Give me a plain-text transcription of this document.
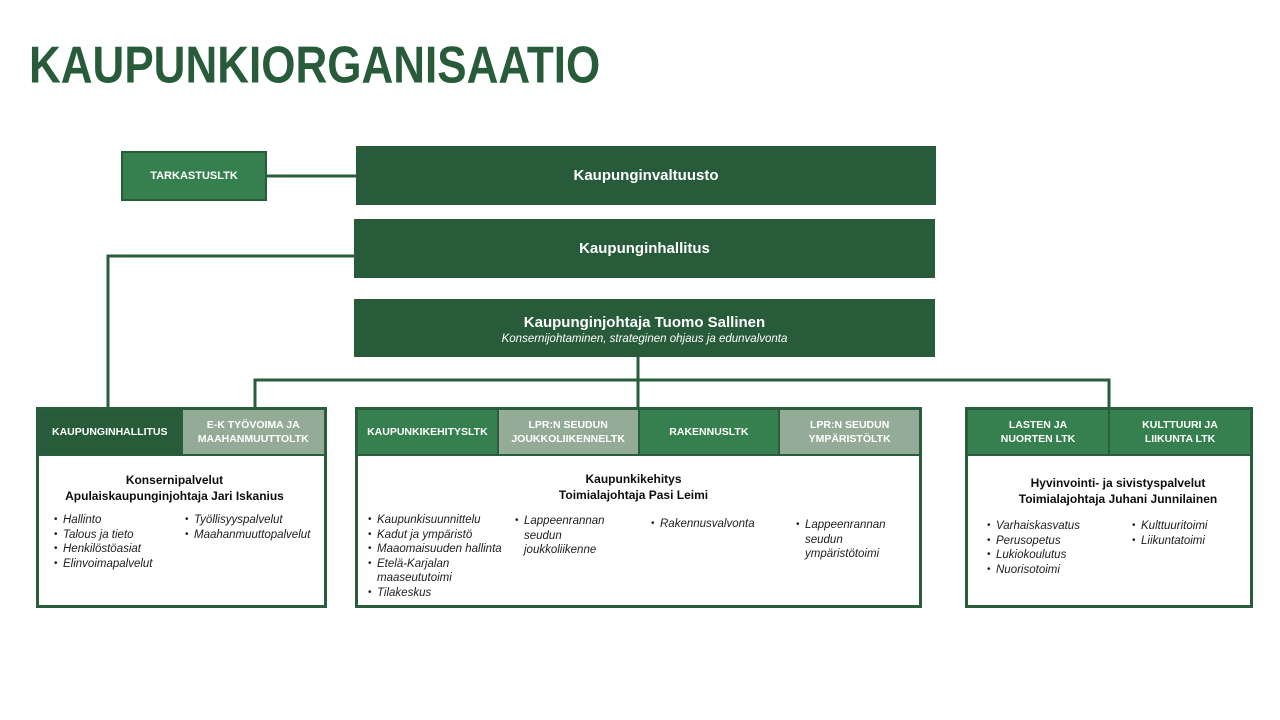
KAUPUNKIORGANISAATIO
TARKASTUSLTK	Kaupunginvaltuusto
Kaupunginhallitus
Kaupunginjohtaja Tuomo Sallinen
Konsernijohtaminen, strateginen ohjaus ja edunvalvonta
KAUPUNGINHALLITUS
E-K TYÖVOIMA JA MAAHANMUUTTOLTK
Konsernipalvelut
Apulaiskaupunginjohtaja Jari Iskanius
• Hallinto
• Talous ja tieto
• Henkilöstöasiat
• Elinvoimapalvelut
• Työllisyyspalvelut
• Maahanmuuttopalvelut
KAUPUNKIKEHITYSLTK
LPR:N SEUDUN JOUKKOLIIKENNELTK
RAKENNUSLTK
LPR:N SEUDUN YMPÄRISTÖLTK
Kaupunkikehitys
Toimialajohtaja Pasi Leimi
• Kaupunkisuunnittelu
• Kadut ja ympäristö
• Maaomaisuuden hallinta
• Etelä-Karjalan maaseututoimi
• Tilakeskus
• Lappeenrannan seudun joukkoliikenne
• Rakennusvalvonta
•	Lappeenrannan seudun ympäristötoimi
LASTEN JA NUORTEN LTK
KULTTUURI JA LIIKUNTA LTK
Hyvinvointi- ja sivistyspalvelut
Toimialajohtaja Juhani Junnilainen
• Varhaiskasvatus
• Perusopetus
• Lukiokoulutus
• Nuorisotoimi
• Kulttuuritoimi
• Liikuntatoimi
